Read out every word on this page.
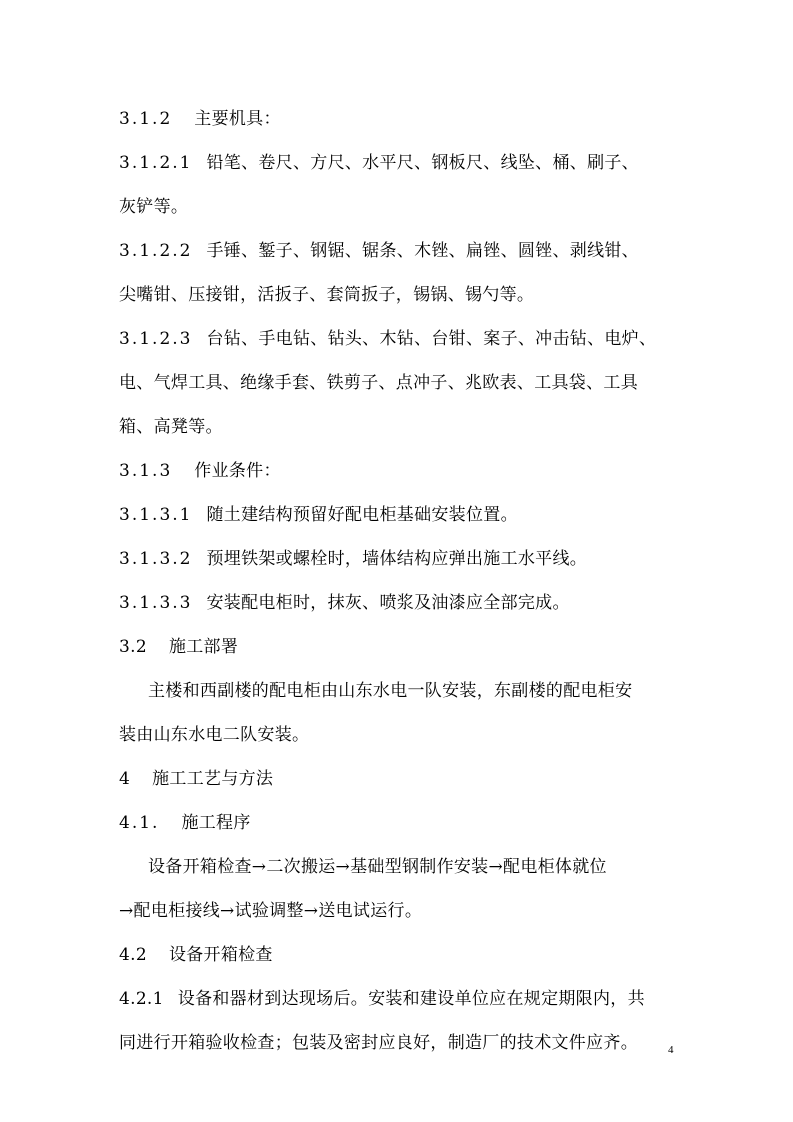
3.1.2 主要机具：
3.1.2.1 铅笔、卷尺、方尺、水平尺、钢板尺、线坠、桶、刷子、
灰铲等。
3.1.2.2 手锤、錾子、钢锯、锯条、木锉、扁锉、圆锉、剥线钳、
尖嘴钳、压接钳，活扳子、套筒扳子，锡锅、锡勺等。
3.1.2.3 台钻、手电钻、钻头、木钻、台钳、案子、冲击钻、电炉、
电、气焊工具、绝缘手套、铁剪子、点冲子、兆欧表、工具袋、工具
箱、高凳等。
3.1.3 作业条件：
3.1.3.1 随土建结构预留好配电柜基础安装位置。
3.1.3.2 预埋铁架或螺栓时，墙体结构应弹出施工水平线。
3.1.3.3 安装配电柜时，抹灰、喷浆及油漆应全部完成。
3.2 施工部署
主楼和西副楼的配电柜由山东水电一队安装，东副楼的配电柜安
装由山东水电二队安装。
4 施工工艺与方法
4.1. 施工程序
设备开箱检查→二次搬运→基础型钢制作安装→配电柜体就位
→配电柜接线→试验调整→送电试运行。
4.2 设备开箱检查
4.2.1 设备和器材到达现场后。安装和建设单位应在规定期限内，共
同进行开箱验收检查；包装及密封应良好，制造厂的技术文件应齐。	4
